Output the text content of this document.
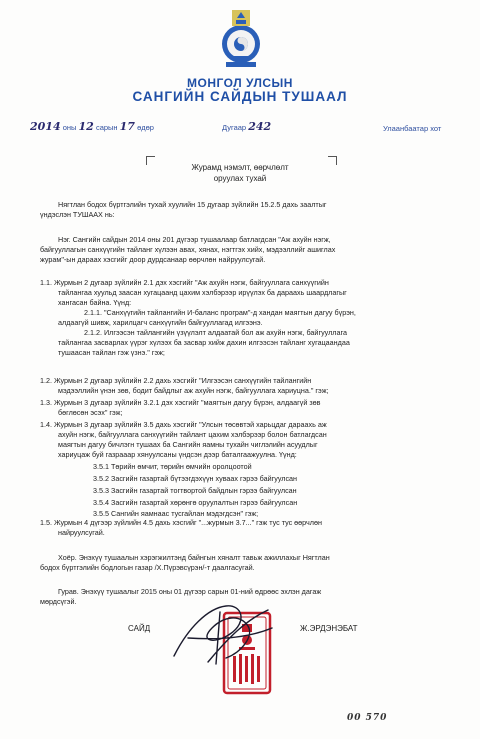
МОНГОЛ УЛСЫН
САНГИЙН САЙДЫН ТУШААЛ
2014 оны 12 сарын 17 өдөр	Дугаар 242	Улаанбаатар хот
Журамд нэмэлт, өөрчлөлт
оруулах тухай
Нягтлан бодох бүртгэлийн тухай хуулийн 15 дугаар зүйлийн 15.2.5 дахь заалтыг
үндэслэн ТУШААХ нь:
Нэг. Сангийн сайдын 2014 оны 201 дүгээр тушаалаар батлагдсан "Аж ахуйн нэгж,
байгууллагын санхүүгийн тайланг хүлээн авах, хянах, нэгтгэх хийх, мэдээллийг ашиглах
журам"-ын дараах хэсгийг доор дурдсанаар өөрчлөн найруулсугай.
1.1. Журмын 2 дугаар зүйлийн 2.1 дэх хэсгийг "Аж ахуйн нэгж, байгууллага санхүүгийн
тайлангаа хуульд заасан хугацаанд цахим хэлбэрээр ирүүлэх ба дараахь шаардлагыг
хангасан байна. Үүнд:
2.1.1. "Санхүүгийн тайлангийн И-баланс програм"-д хандан маягтын дагуу бүрэн,
алдаагүй шивж, харилцагч санхүүгийн байгууллагад илгээнэ.
2.1.2. Илгээсэн тайлангийн үзүүлэлт алдаатай бол аж ахуйн нэгж, байгууллага
тайлангаа засварлах үүрэг хүлээх ба засвар хийж дахин илгээсэн тайланг хугацаандаа
тушаасан тайлан гэж үзнэ." гэж;
1.2. Журмын 2 дугаар зүйлийн 2.2 дахь хэсгийг "Илгээсэн санхүүгийн тайлангийн
мэдээллийн үнэн зөв, бодит байдлыг аж ахуйн нэгж, байгууллага хариуцна." гэж;
1.3. Журмын 3 дугаар зүйлийн 3.2.1 дэх хэсгийг "маягтын дагуу бүрэн, алдаагүй зөв
бөглөсөн эсэх" гэж;
1.4. Журмын 3 дугаар зүйлийн 3.5 дахь хэсгийг "Улсын төсөвтэй харьцдаг дараахь аж
ахуйн нэгж, байгууллага санхүүгийн тайлант цахим хэлбэрээр болон батлагдсан
маягтын дагуу бичлэгн тушаах ба Сангийн яамны тухайн чиглэлийн асуудлыг
хариуцаж буй газрааар хянуулсаны үндсэн дээр баталгаажуулна. Үүнд:
3.5.1 Төрийн өмчит, төрийн өмчийн оролцоотой
3.5.2 Засгийн газартай бүтээгдэхүүн хуваах гэрээ байгуулсан
3.5.3 Засгийн газартай тогтвортой байдлын гэрээ байгуулсан
3.5.4 Засгийн газартай хөрөнгө оруулалтын гэрээ байгуулсан
3.5.5 Сангийн яамнаас тусгайлан мэдэгдсэн" гэж;
1.5. Журмын 4 дүгээр зүйлийн 4.5 дахь хэсгийг "...журмын 3.7..." гэж тус тус өөрчлөн
найруулсугай.
Хоёр. Энэхүү тушаалын хэрэгжилтэнд байнгын хяналт тавьж ажиллахыг Нягтлан
бодох бүртгэлийн бодлогын газар /Х.Пүрэвсүрэн/-т даалгасугай.
Гурав. Энэхүү тушаалыг 2015 оны 01 дүгээр сарын 01-ний өдрөөс эхлэн дагаж
мөрдсүгэй.
САЙД	Ж.ЭРДЭНЭБАТ
00 570
